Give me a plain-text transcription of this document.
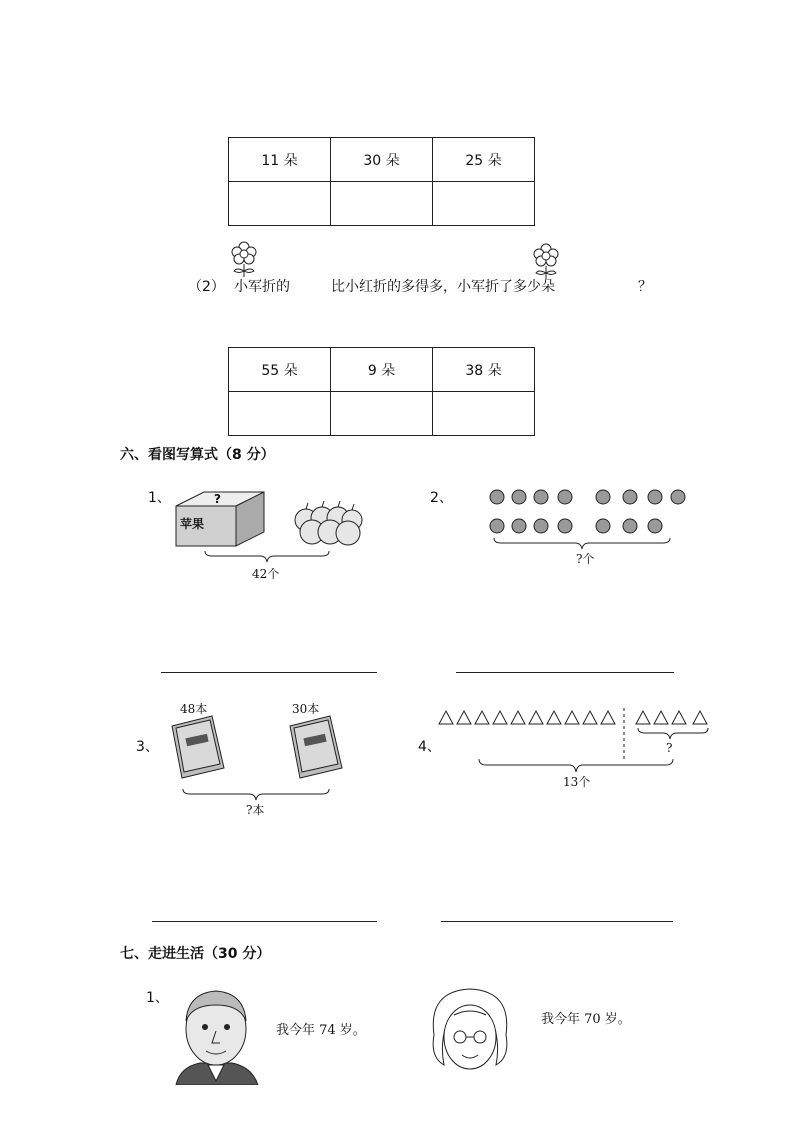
11 朵	30 朵	25 朵

（2） 小军折的	比小红折的多得多，小军折了多少朵	？
55 朵	9 朵	38 朵

六、看图写算式（8 分）
1、	?
苹果
42个
2、
?个
3、
48本	30本
?本
4、	?
13个
七、走进生活（30 分）
1、
我今年 74 岁。
我今年 70 岁。
